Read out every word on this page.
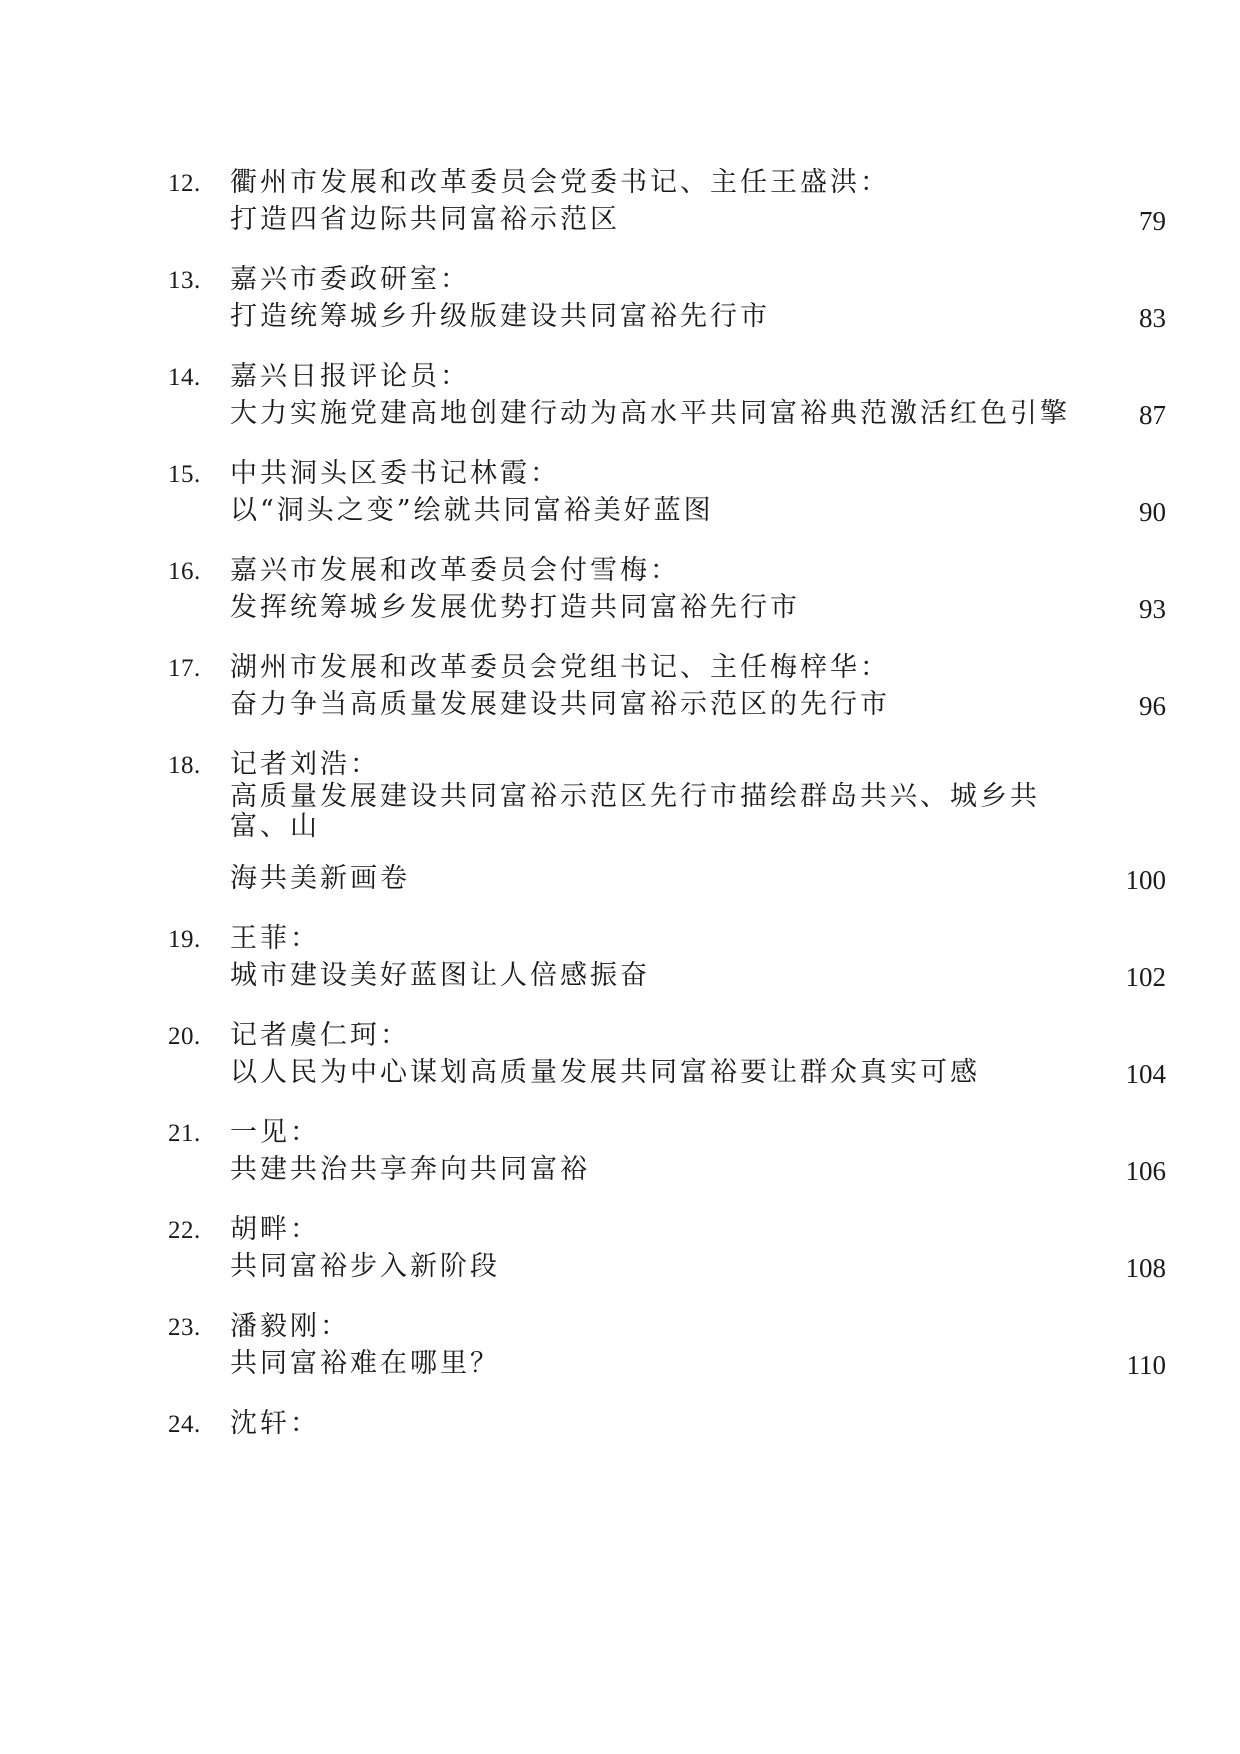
12. 衢州市发展和改革委员会党委书记、主任王盛洪：
打造四省边际共同富裕示范区	79
13. 嘉兴市委政研室：
打造统筹城乡升级版建设共同富裕先行市	83
14. 嘉兴日报评论员：
大力实施党建高地创建行动为高水平共同富裕典范激活红色引擎	87
15. 中共洞头区委书记林霞：
以“洞头之变”绘就共同富裕美好蓝图	90
16. 嘉兴市发展和改革委员会付雪梅：
发挥统筹城乡发展优势打造共同富裕先行市	93
17. 湖州市发展和改革委员会党组书记、主任梅梓华：
奋力争当高质量发展建设共同富裕示范区的先行市	96
18. 记者刘浩：
高质量发展建设共同富裕示范区先行市描绘群岛共兴、城乡共富、山
海共美新画卷	100
19. 王菲：
城市建设美好蓝图让人倍感振奋	102
20. 记者虞仁珂：
以人民为中心谋划高质量发展共同富裕要让群众真实可感	104
21. 一见：
共建共治共享奔向共同富裕	106
22. 胡畔：
共同富裕步入新阶段	108
23. 潘毅刚：
共同富裕难在哪里？	110
24. 沈轩：
